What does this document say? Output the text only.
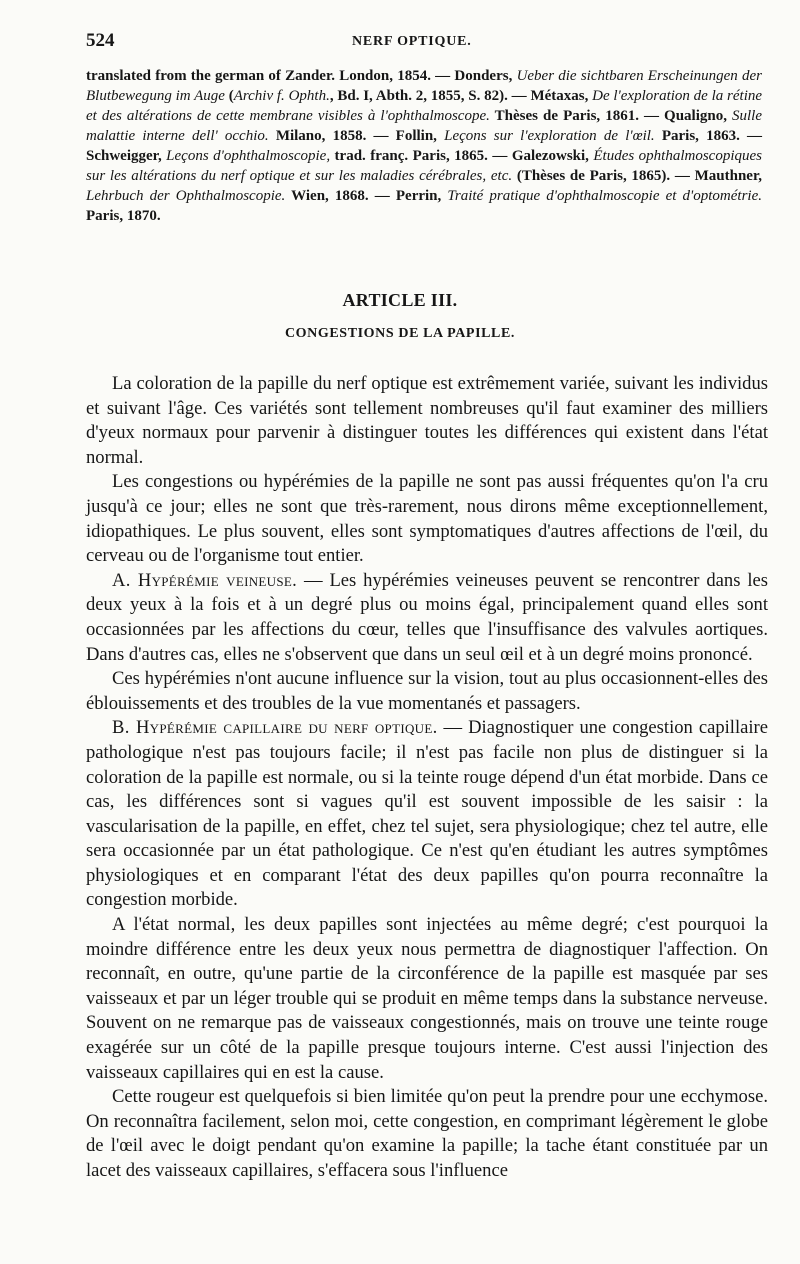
524	NERF OPTIQUE.
translated from the german of Zander. London, 1854. — Donders, Ueber die sichtbaren Erscheinungen der Blutbewegung im Auge (Archiv f. Ophth., Bd. I, Abth. 2, 1855, S. 82). — Métaxas, De l'exploration de la rétine et des altérations de cette membrane visibles à l'ophthalmoscope. Thèses de Paris, 1861. — Qualigno, Sulle malattie interne dell' occhio. Milano, 1858. — Follin, Leçons sur l'exploration de l'œil. Paris, 1863. — Schweigger, Leçons d'ophthalmoscopie, trad. franç. Paris, 1865. — Galezowski, Études ophthalmoscopiques sur les altérations du nerf optique et sur les maladies cérébrales, etc. (Thèses de Paris, 1865). — Mauthner, Lehrbuch der Ophthalmoscopie. Wien, 1868. — Perrin, Traité pratique d'ophthalmoscopie et d'optométrie. Paris, 1870.
ARTICLE III.
CONGESTIONS DE LA PAPILLE.

La coloration de la papille du nerf optique est extrêmement variée, suivant les individus et suivant l'âge. Ces variétés sont tellement nombreuses qu'il faut examiner des milliers d'yeux normaux pour parvenir à distinguer toutes les différences qui existent dans l'état normal.

Les congestions ou hypérémies de la papille ne sont pas aussi fréquentes qu'on l'a cru jusqu'à ce jour; elles ne sont que très-rarement, nous dirons même exceptionnellement, idiopathiques. Le plus souvent, elles sont symptomatiques d'autres affections de l'œil, du cerveau ou de l'organisme tout entier.

A. Hypérémie veineuse. — Les hypérémies veineuses peuvent se rencontrer dans les deux yeux à la fois et à un degré plus ou moins égal, principalement quand elles sont occasionnées par les affections du cœur, telles que l'insuffisance des valvules aortiques. Dans d'autres cas, elles ne s'observent que dans un seul œil et à un degré moins prononcé.

Ces hypérémies n'ont aucune influence sur la vision, tout au plus occasionnent-elles des éblouissements et des troubles de la vue momentanés et passagers.

B. Hypérémie capillaire du nerf optique. — Diagnostiquer une congestion capillaire pathologique n'est pas toujours facile; il n'est pas facile non plus de distinguer si la coloration de la papille est normale, ou si la teinte rouge dépend d'un état morbide. Dans ce cas, les différences sont si vagues qu'il est souvent impossible de les saisir : la vascularisation de la papille, en effet, chez tel sujet, sera physiologique; chez tel autre, elle sera occasionnée par un état pathologique. Ce n'est qu'en étudiant les autres symptômes physiologiques et en comparant l'état des deux papilles qu'on pourra reconnaître la congestion morbide.

A l'état normal, les deux papilles sont injectées au même degré; c'est pourquoi la moindre différence entre les deux yeux nous permettra de diagnostiquer l'affection. On reconnaît, en outre, qu'une partie de la circonférence de la papille est masquée par ses vaisseaux et par un léger trouble qui se produit en même temps dans la substance nerveuse. Souvent on ne remarque pas de vaisseaux congestionnés, mais on trouve une teinte rouge exagérée sur un côté de la papille presque toujours interne. C'est aussi l'injection des vaisseaux capillaires qui en est la cause.

Cette rougeur est quelquefois si bien limitée qu'on peut la prendre pour une ecchymose. On reconnaîtra facilement, selon moi, cette congestion, en comprimant légèrement le globe de l'œil avec le doigt pendant qu'on examine la papille; la tache étant constituée par un lacet des vaisseaux capillaires, s'effacera sous l'influence
